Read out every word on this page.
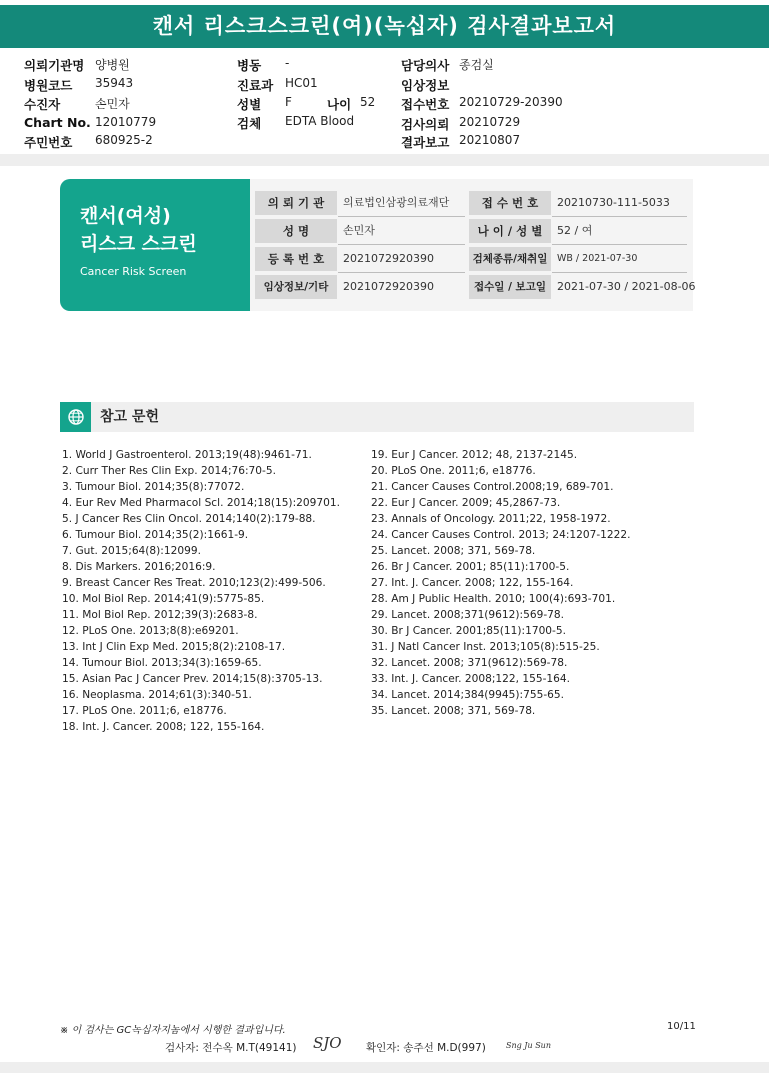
캔서 리스크스크린(여)(녹십자) 검사결과보고서
의뢰기관명 양병원
병원코드 35943
수진자	손민자
Chart No. 12010779
주민번호 680925-2
병동 -
진료과 HC01
성별 F	나이 52
검체 EDTA Blood
담당의사 종검실
임상정보
접수번호 20210729-20390
검사의뢰 20210729
결과보고 20210807
캔서(여성)
리스크 스크린
Cancer Risk Screen
의 뢰 기 관	의료법인삼광의료재단	접 수 번 호	20210730-111-5033
성 명	손민자	나 이 / 성 별	52 / 여
등 록 번 호	2021072920390	검체종류/채취일	WB / 2021-07-30
임상정보/기타	2021072920390	접수일 / 보고일	2021-07-30 / 2021-08-06
참고 문헌
1. World J Gastroenterol. 2013;19(48):9461-71.
2. Curr Ther Res Clin Exp. 2014;76:70-5.
3. Tumour Biol. 2014;35(8):77072.
4. Eur Rev Med Pharmacol Scl. 2014;18(15):209701.
5. J Cancer Res Clin Oncol. 2014;140(2):179-88.
6. Tumour Biol. 2014;35(2):1661-9.
7. Gut. 2015;64(8):12099.
8. Dis Markers. 2016;2016:9.
9. Breast Cancer Res Treat. 2010;123(2):499-506.
10. Mol Biol Rep. 2014;41(9):5775-85.
11. Mol Biol Rep. 2012;39(3):2683-8.
12. PLoS One. 2013;8(8):e69201.
13. Int J Clin Exp Med. 2015;8(2):2108-17.
14. Tumour Biol. 2013;34(3):1659-65.
15. Asian Pac J Cancer Prev. 2014;15(8):3705-13.
16. Neoplasma. 2014;61(3):340-51.
17. PLoS One. 2011;6, e18776.
18. Int. J. Cancer. 2008; 122, 155-164.
19. Eur J Cancer. 2012; 48, 2137-2145.
20. PLoS One. 2011;6, e18776.
21. Cancer Causes Control.2008;19, 689-701.
22. Eur J Cancer. 2009; 45,2867-73.
23. Annals of Oncology. 2011;22, 1958-1972.
24. Cancer Causes Control. 2013; 24:1207-1222.
25. Lancet. 2008; 371, 569-78.
26. Br J Cancer. 2001; 85(11):1700-5.
27. Int. J. Cancer. 2008; 122, 155-164.
28. Am J Public Health. 2010; 100(4):693-701.
29. Lancet. 2008;371(9612):569-78.
30. Br J Cancer. 2001;85(11):1700-5.
31. J Natl Cancer Inst. 2013;105(8):515-25.
32. Lancet. 2008; 371(9612):569-78.
33. Int. J. Cancer. 2008;122, 155-164.
34. Lancet. 2014;384(9945):755-65.
35. Lancet. 2008; 371, 569-78.
※ 이 검사는 GC녹십자지놈에서 시행한 결과입니다.	10/11
검사자: 전수옥 M.T(49141) SJO 확인자: 송주선 M.D(997)	Sng Ju Sun
